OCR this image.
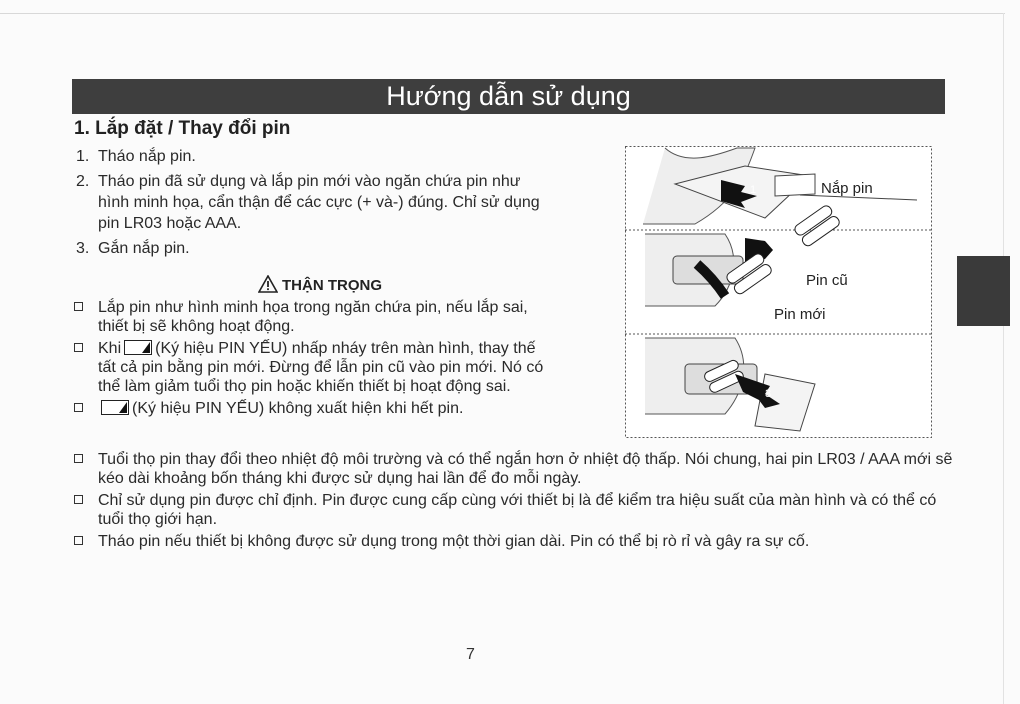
Hướng dẫn sử dụng
1. Lắp đặt / Thay đổi pin
1. Tháo nắp pin.
2. Tháo pin đã sử dụng và lắp pin mới vào ngăn chứa pin như hình minh họa, cẩn thận để các cực (+ và-) đúng. Chỉ sử dụng pin LR03 hoặc AAA.
3. Gắn nắp pin.
THẬN TRỌNG
Lắp pin như hình minh họa trong ngăn chứa pin, nếu lắp sai, thiết bị sẽ không hoạt động.
Khi (Ký hiệu PIN YẾU) nhấp nháy trên màn hình, thay thế tất cả pin bằng pin mới. Đừng để lẫn pin cũ vào pin mới. Nó có thể làm giảm tuổi thọ pin hoặc khiến thiết bị hoạt động sai.
(Ký hiệu PIN YẾU) không xuất hiện khi hết pin.
Tuổi thọ pin thay đổi theo nhiệt độ môi trường và có thể ngắn hơn ở nhiệt độ thấp. Nói chung, hai pin LR03 / AAA mới sẽ kéo dài khoảng bốn tháng khi được sử dụng hai lần để đo mỗi ngày.
Chỉ sử dụng pin được chỉ định. Pin được cung cấp cùng với thiết bị là để kiểm tra hiệu suất của màn hình và có thể có tuổi thọ giới hạn.
Tháo pin nếu thiết bị không được sử dụng trong một thời gian dài. Pin có thể bị rò rỉ và gây ra sự cố.
Nắp pin
Pin cũ
Pin mới
1
2
3
7
